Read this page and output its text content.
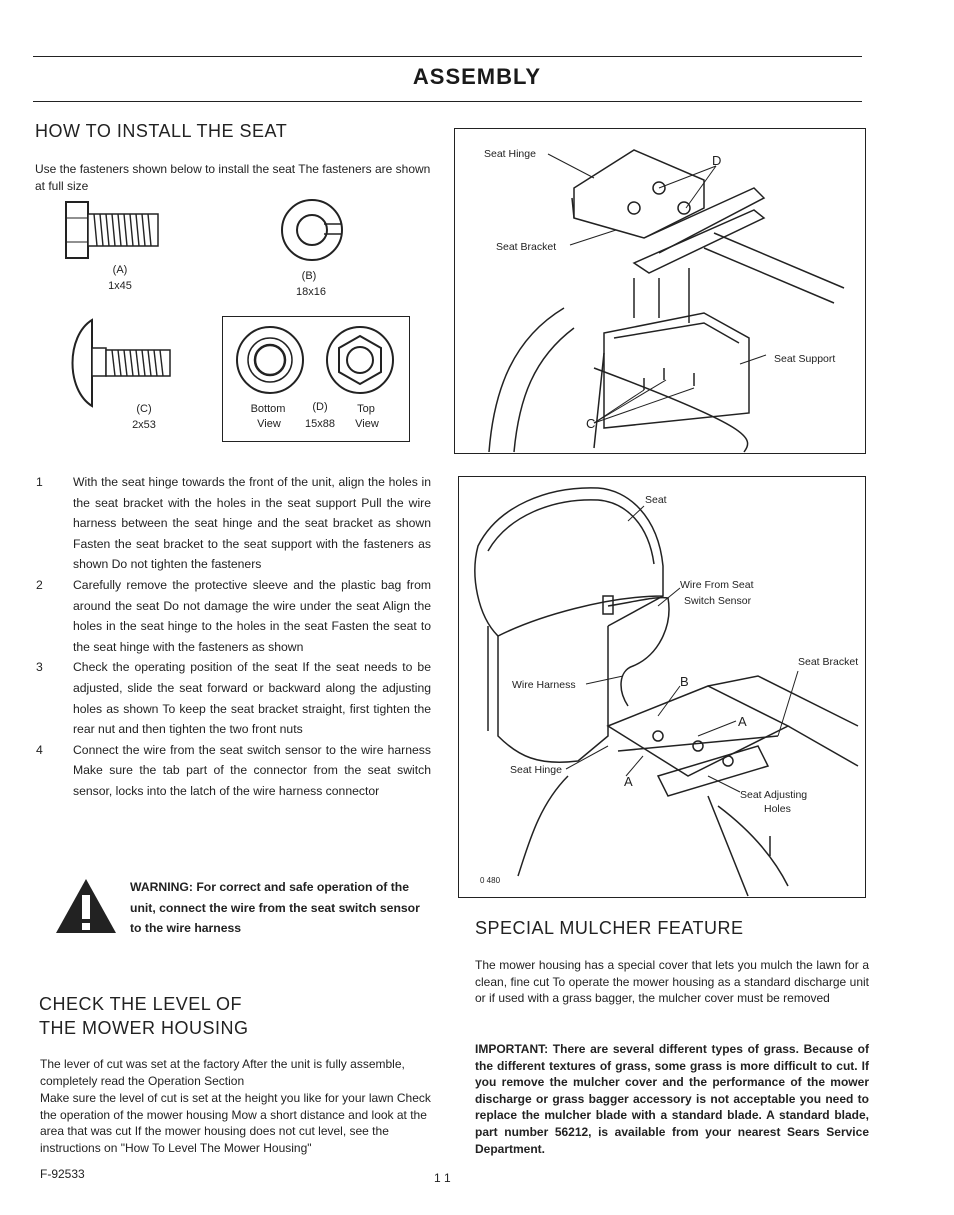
ASSEMBLY
HOW TO INSTALL THE SEAT
Use the fasteners shown below to install the seat The fasteners are shown at full size
(A)
1x45
(B)
18x16
(C)
2x53
Bottom	(D)	Top
View	15x88	View
1 With the seat hinge towards the front of the unit, align the holes in the seat bracket with the holes in the seat support Pull the wire harness between the seat hinge and the seat bracket as shown Fasten the seat bracket to the seat support with the fasteners as shown Do not tighten the fasteners
2 Carefully remove the protective sleeve and the plastic bag from around the seat Do not damage the wire under the seat Align the holes in the seat hinge to the holes in the seat Fasten the seat to the seat hinge with the fasteners as shown
3 Check the operating position of the seat If the seat needs to be adjusted, slide the seat forward or backward along the adjusting holes as shown To keep the seat bracket straight, first tighten the rear nut and then tighten the two front nuts
4 Connect the wire from the seat switch sensor to the wire harness Make sure the tab part of the connector from the seat switch sensor, locks into the latch of the wire harness connector
WARNING: For correct and safe operation of the unit, connect the wire from the seat switch sensor to the wire harness
CHECK THE LEVEL OF
THE MOWER HOUSING
The lever of cut was set at the factory After the unit is fully assemble, completely read the Operation Section
Make sure the level of cut is set at the height you like for your lawn Check the operation of the mower housing Mow a short distance and look at the area that was cut If the mower housing does not cut level, see the instructions on "How To Level The Mower Housing"
F-92533	1 1
Seat Hinge
Seat Bracket
D
Seat Support
C
Seat
Wire From Seat
Switch Sensor
Seat Bracket
Wire Harness	B
A
Seat Hinge
A
Seat Adjusting
Holes
0 480
SPECIAL MULCHER FEATURE
The mower housing has a special cover that lets you mulch the lawn for a clean, fine cut To operate the mower housing as a standard discharge unit or if used with a grass bagger, the mulcher cover must be removed
IMPORTANT: There are several different types of grass. Because of the different textures of grass, some grass is more difficult to cut. If you remove the mulcher cover and the performance of the mower discharge or grass bagger accessory is not acceptable you need to replace the mulcher blade with a standard blade. A standard blade, part number 56212, is available from your nearest Sears Service Department.
